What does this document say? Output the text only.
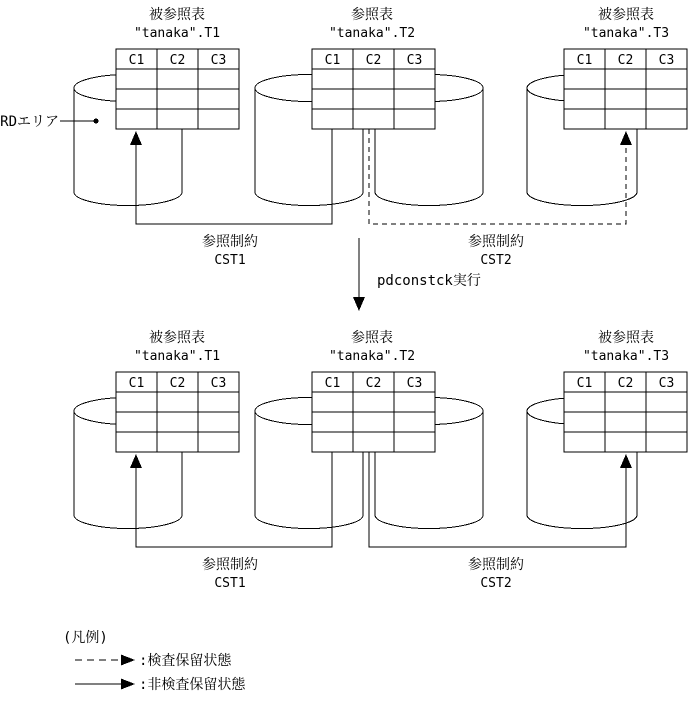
C1 C2 C3	C1 C2 C3	C1 C2 C3
被参照表
"tanaka".T1
参照表
"tanaka".T2
被参照表
"tanaka".T3
RDエリア
参照制約
CST1
参照制約
CST2
pdconstck実行
C1 C2 C3	C1 C2 C3	C1 C2 C3
被参照表
"tanaka".T1
参照表
"tanaka".T2
被参照表
"tanaka".T3
参照制約
CST1
参照制約
CST2
(凡例)
:検査保留状態
:非検査保留状態
